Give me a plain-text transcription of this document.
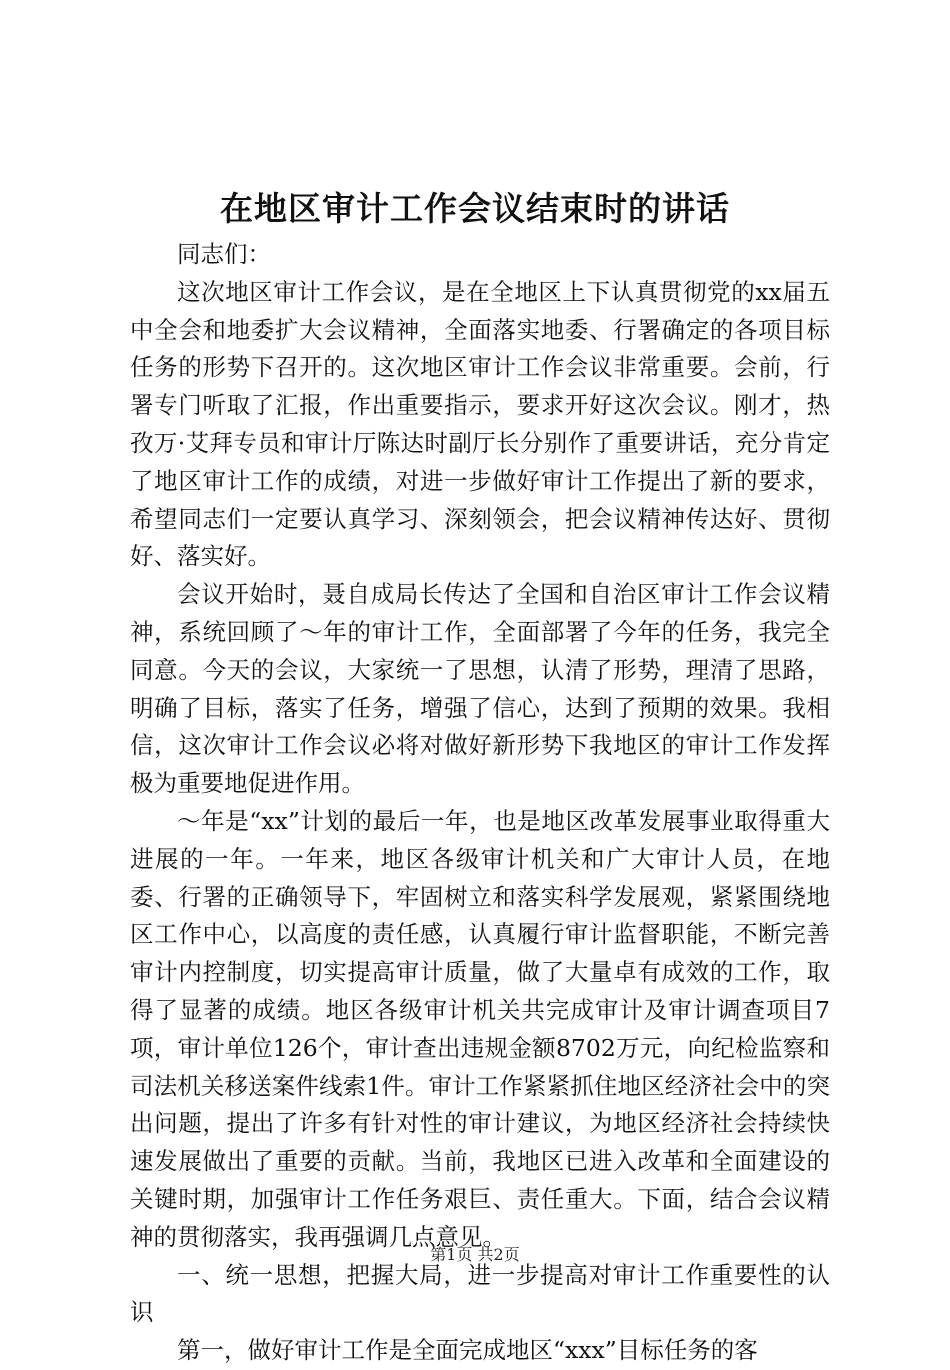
在地区审计工作会议结束时的讲话

同志们：

这次地区审计工作会议，是在全地区上下认真贯彻党的xx届五中全会和地委扩大会议精神，全面落实地委、行署确定的各项目标任务的形势下召开的。这次地区审计工作会议非常重要。会前，行署专门听取了汇报，作出重要指示，要求开好这次会议。刚才，热孜万·艾拜专员和审计厅陈达时副厅长分别作了重要讲话，充分肯定了地区审计工作的成绩，对进一步做好审计工作提出了新的要求，希望同志们一定要认真学习、深刻领会，把会议精神传达好、贯彻好、落实好。

会议开始时，聂自成局长传达了全国和自治区审计工作会议精神，系统回顾了～年的审计工作，全面部署了今年的任务，我完全同意。今天的会议，大家统一了思想，认清了形势，理清了思路，明确了目标，落实了任务，增强了信心，达到了预期的效果。我相信，这次审计工作会议必将对做好新形势下我地区的审计工作发挥极为重要地促进作用。

～年是“xx”计划的最后一年，也是地区改革发展事业取得重大进展的一年。一年来，地区各级审计机关和广大审计人员，在地委、行署的正确领导下，牢固树立和落实科学发展观，紧紧围绕地区工作中心，以高度的责任感，认真履行审计监督职能，不断完善审计内控制度，切实提高审计质量，做了大量卓有成效的工作，取得了显著的成绩。地区各级审计机关共完成审计及审计调查项目7项，审计单位126个，审计查出违规金额8702万元，向纪检监察和司法机关移送案件线索1件。审计工作紧紧抓住地区经济社会中的突出问题，提出了许多有针对性的审计建议，为地区经济社会持续快速发展做出了重要的贡献。当前，我地区已进入改革和全面建设的关键时期，加强审计工作任务艰巨、责任重大。下面，结合会议精神的贯彻落实，我再强调几点意见。

一、统一思想，把握大局，进一步提高对审计工作重要性的认识

第一，做好审计工作是全面完成地区“xxx”目标任务的客

第1页 共2页
